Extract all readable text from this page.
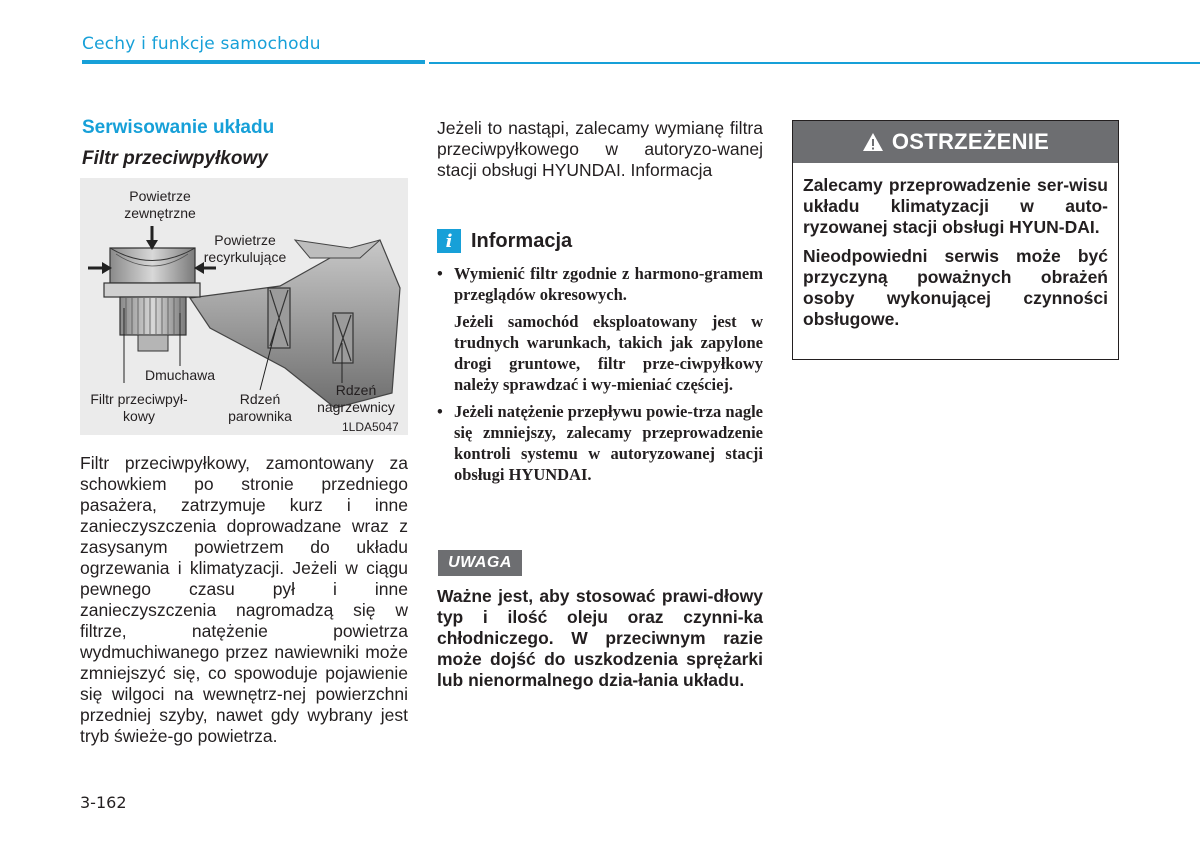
Cechy i funkcje samochodu
Serwisowanie układu
Filtr przeciwpyłkowy
Powietrze zewnętrzne
Powietrze recyrkulujące
Dmuchawa
Filtr przeciwpył-kowy
Rdzeń parownika
Rdzeń nagrzewnicy
1LDA5047
Filtr przeciwpyłkowy, zamontowany za schowkiem po stronie przedniego pasażera, zatrzymuje kurz i inne zanieczyszczenia doprowadzane wraz z zasysanym powietrzem do układu ogrzewania i klimatyzacji. Jeżeli w ciągu pewnego czasu pył i inne zanieczyszczenia nagromadzą się w filtrze, natężenie powietrza wydmuchiwanego przez nawiewniki może zmniejszyć się, co spowoduje pojawienie się wilgoci na wewnętrz-nej powierzchni przedniej szyby, nawet gdy wybrany jest tryb świeże-go powietrza.
Jeżeli to nastąpi, zalecamy wymianę filtra przeciwpyłkowego w autoryzo-wanej stacji obsługi HYUNDAI. Informacja
i Informacja
• Wymienić filtr zgodnie z harmono-gramem przeglądów okresowych.

Jeżeli samochód eksploatowany jest w trudnych warunkach, takich jak zapylone drogi gruntowe, filtr prze-ciwpyłkowy należy sprawdzać i wy-mieniać częściej.

• Jeżeli natężenie przepływu powie-trza nagle się zmniejszy, zalecamy przeprowadzenie kontroli systemu w autoryzowanej stacji obsługi HYUNDAI.

UWAGA
Ważne jest, aby stosować prawi-dłowy typ i ilość oleju oraz czynni-ka chłodniczego. W przeciwnym razie może dojść do uszkodzenia sprężarki lub nienormalnego dzia-łania układu.
OSTRZEŻENIE

Zalecamy przeprowadzenie ser-wisu układu klimatyzacji w auto-ryzowanej stacji obsługi HYUN-DAI.

Nieodpowiedni serwis może być przyczyną poważnych obrażeń osoby wykonującej czynności obsługowe.

3-162
